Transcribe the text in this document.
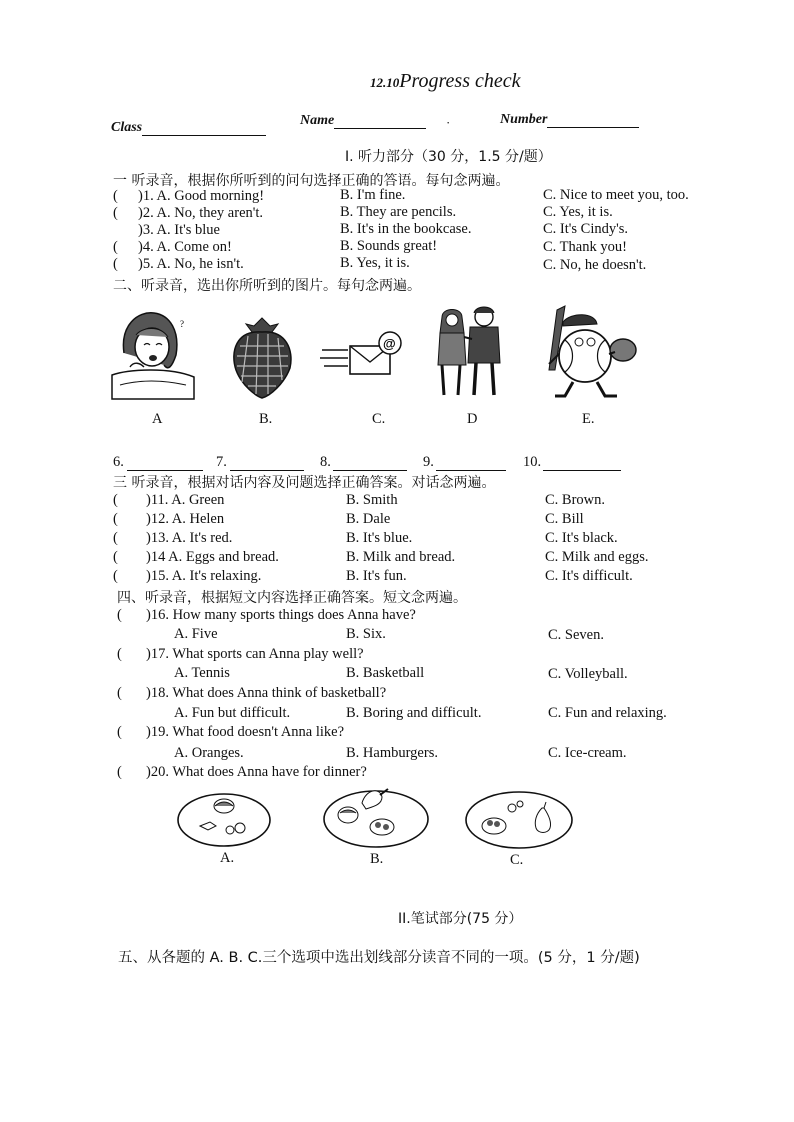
12.10Progress check
Class	Name	·	Number
I. 听力部分（30 分，1.5 分/题）
一 听录音，根据你所听到的问句选择正确的答语。每句念两遍。
( )1. A. Good morning!	B. I'm fine.	C. Nice to meet you, too.
( )2. A. No, they aren't.	B. They are pencils.	C. Yes, it is.
)3. A. It's blue	B. It's in the bookcase.	C. It's Cindy's.
( )4. A. Come on!	B. Sounds great!	C. Thank you!
( )5. A. No, he isn't.	B. Yes, it is.	C. No, he doesn't.
二、听录音，选出你所听到的图片。每句念两遍。
?
@
A	B.	C.	D	E.
6.	7.	8.	9.	10.
三 听录音，根据对话内容及问题选择正确答案。对话念两遍。
( )11. A. Green	B. Smith	C. Brown.
( )12. A. Helen	B. Dale	C. Bill
( )13. A. It's red.	B. It's blue.	C. It's black.
( )14 A. Eggs and bread.	B. Milk and bread.	C. Milk and eggs.
( )15. A. It's relaxing.	B. It's fun.	C. It's difficult.
四、听录音，根据短文内容选择正确答案。短文念两遍。
( )16. How many sports things does Anna have?
A. Five	B. Six.	C. Seven.
( )17. What sports can Anna play well?
A. Tennis	B. Basketball	C. Volleyball.
( )18. What does Anna think of basketball?
A. Fun but difficult.	B. Boring and difficult.	C. Fun and relaxing.
( )19. What food doesn't Anna like?
A. Oranges.	B. Hamburgers.	C. Ice-cream.
( )20. What does Anna have for dinner?
A.	B.	C.
II.笔试部分(75 分）
五、从各题的 A. B. C.三个选项中选出划线部分读音不同的一项。(5 分，1 分/题)
